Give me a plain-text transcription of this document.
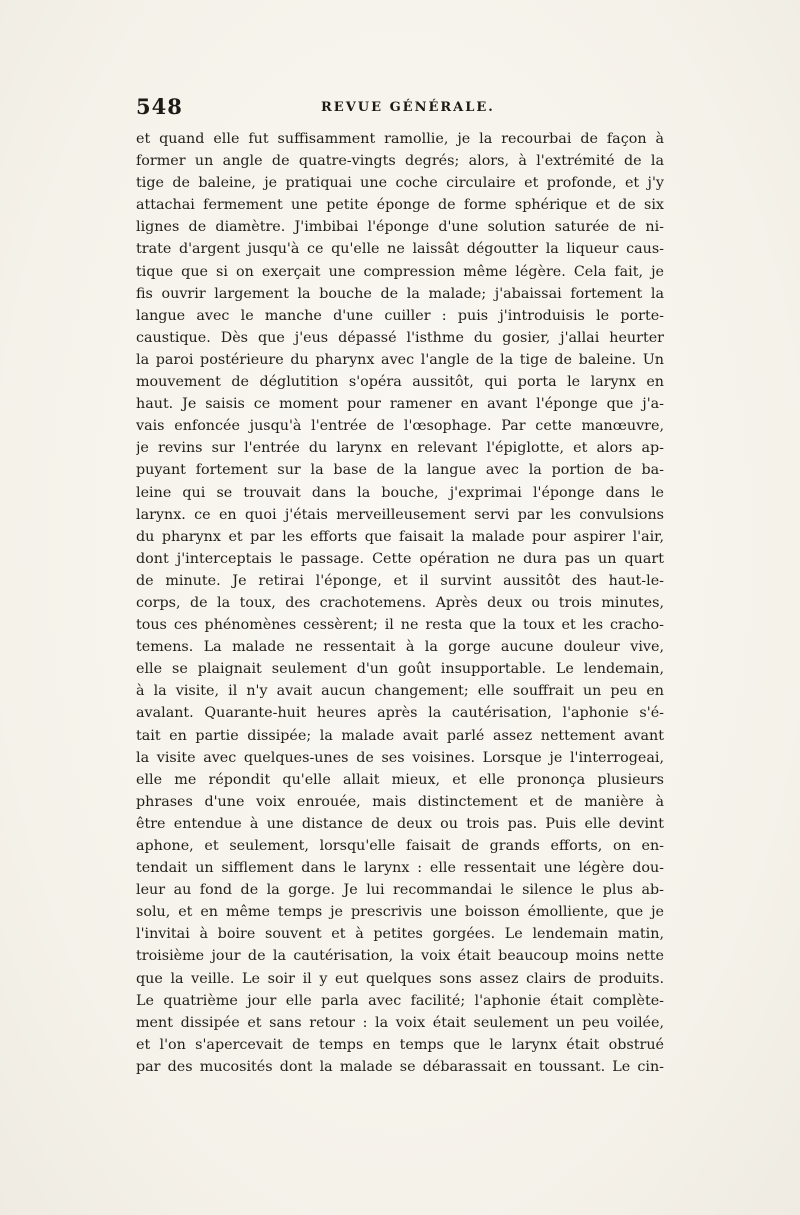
548	REVUE GÉNÉRALE.
et quand elle fut suffisamment ramollie, je la recourbai de façon à
former un angle de quatre-vingts degrés; alors, à l'extrémité de la
tige de baleine, je pratiquai une coche circulaire et profonde, et j'y
attachai fermement une petite éponge de forme sphérique et de six
lignes de diamètre. J'imbibai l'éponge d'une solution saturée de ni-
trate d'argent jusqu'à ce qu'elle ne laissât dégoutter la liqueur caus-
tique que si on exerçait une compression même légère. Cela fait, je
fis ouvrir largement la bouche de la malade; j'abaissai fortement la
langue avec le manche d'une cuiller : puis j'introduisis le porte-
caustique. Dès que j'eus dépassé l'isthme du gosier, j'allai heurter
la paroi postérieure du pharynx avec l'angle de la tige de baleine. Un
mouvement de déglutition s'opéra aussitôt, qui porta le larynx en
haut. Je saisis ce moment pour ramener en avant l'éponge que j'a-
vais enfoncée jusqu'à l'entrée de l'œsophage. Par cette manœuvre,
je revins sur l'entrée du larynx en relevant l'épiglotte, et alors ap-
puyant fortement sur la base de la langue avec la portion de ba-
leine qui se trouvait dans la bouche, j'exprimai l'éponge dans le
larynx. ce en quoi j'étais merveilleusement servi par les convulsions
du pharynx et par les efforts que faisait la malade pour aspirer l'air,
dont j'interceptais le passage. Cette opération ne dura pas un quart
de minute. Je retirai l'éponge, et il survint aussitôt des haut-le-
corps, de la toux, des crachotemens. Après deux ou trois minutes,
tous ces phénomènes cessèrent; il ne resta que la toux et les cracho-
temens. La malade ne ressentait à la gorge aucune douleur vive,
elle se plaignait seulement d'un goût insupportable. Le lendemain,
à la visite, il n'y avait aucun changement; elle souffrait un peu en
avalant. Quarante-huit heures après la cautérisation, l'aphonie s'é-
tait en partie dissipée; la malade avait parlé assez nettement avant
la visite avec quelques-unes de ses voisines. Lorsque je l'interrogeai,
elle me répondit qu'elle allait mieux, et elle prononça plusieurs
phrases d'une voix enrouée, mais distinctement et de manière à
être entendue à une distance de deux ou trois pas. Puis elle devint
aphone, et seulement, lorsqu'elle faisait de grands efforts, on en-
tendait un sifflement dans le larynx : elle ressentait une légère dou-
leur au fond de la gorge. Je lui recommandai le silence le plus ab-
solu, et en même temps je prescrivis une boisson émolliente, que je
l'invitai à boire souvent et à petites gorgées. Le lendemain matin,
troisième jour de la cautérisation, la voix était beaucoup moins nette
que la veille. Le soir il y eut quelques sons assez clairs de produits.
Le quatrième jour elle parla avec facilité; l'aphonie était complète-
ment dissipée et sans retour : la voix était seulement un peu voilée,
et l'on s'apercevait de temps en temps que le larynx était obstrué
par des mucosités dont la malade se débarassait en toussant. Le cin-
